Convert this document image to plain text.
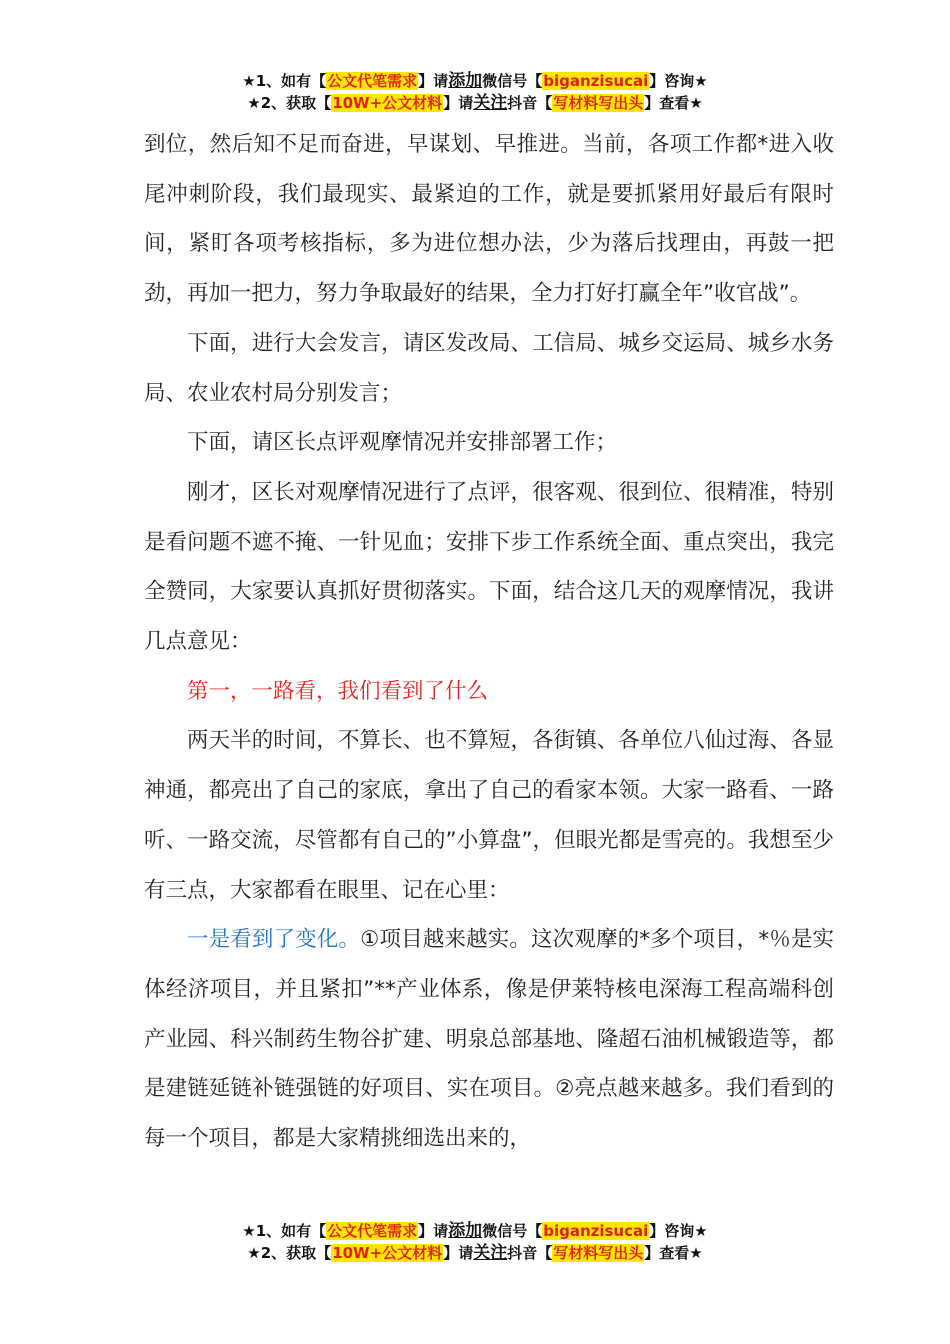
★1、如有【公文代笔需求】请添加微信号【biganzisucai】咨询★
★2、获取【10W+公文材料】请关注抖音【写材料写出头】查看★

到位，然后知不足而奋进，早谋划、早推进。当前，各项工作都*进入收尾冲刺阶段，我们最现实、最紧迫的工作，就是要抓紧用好最后有限时间，紧盯各项考核指标，多为进位想办法，少为落后找理由，再鼓一把劲，再加一把力，努力争取最好的结果，全力打好打赢全年”收官战”。

下面，进行大会发言，请区发改局、工信局、城乡交运局、城乡水务局、农业农村局分别发言；

下面，请区长点评观摩情况并安排部署工作；

刚才，区长对观摩情况进行了点评，很客观、很到位、很精准，特别是看问题不遮不掩、一针见血；安排下步工作系统全面、重点突出，我完全赞同，大家要认真抓好贯彻落实。下面，结合这几天的观摩情况，我讲几点意见：

第一，一路看，我们看到了什么

两天半的时间，不算长、也不算短，各街镇、各单位八仙过海、各显神通，都亮出了自己的家底，拿出了自己的看家本领。大家一路看、一路听、一路交流，尽管都有自己的”小算盘”，但眼光都是雪亮的。我想至少有三点，大家都看在眼里、记在心里：

一是看到了变化。①项目越来越实。这次观摩的*多个项目，*％是实体经济项目，并且紧扣”**产业体系，像是伊莱特核电深海工程高端科创产业园、科兴制药生物谷扩建、明泉总部基地、隆超石油机械锻造等，都是建链延链补链强链的好项目、实在项目。②亮点越来越多。我们看到的每一个项目，都是大家精挑细选出来的，

★1、如有【公文代笔需求】请添加微信号【biganzisucai】咨询★
★2、获取【10W+公文材料】请关注抖音【写材料写出头】查看★
